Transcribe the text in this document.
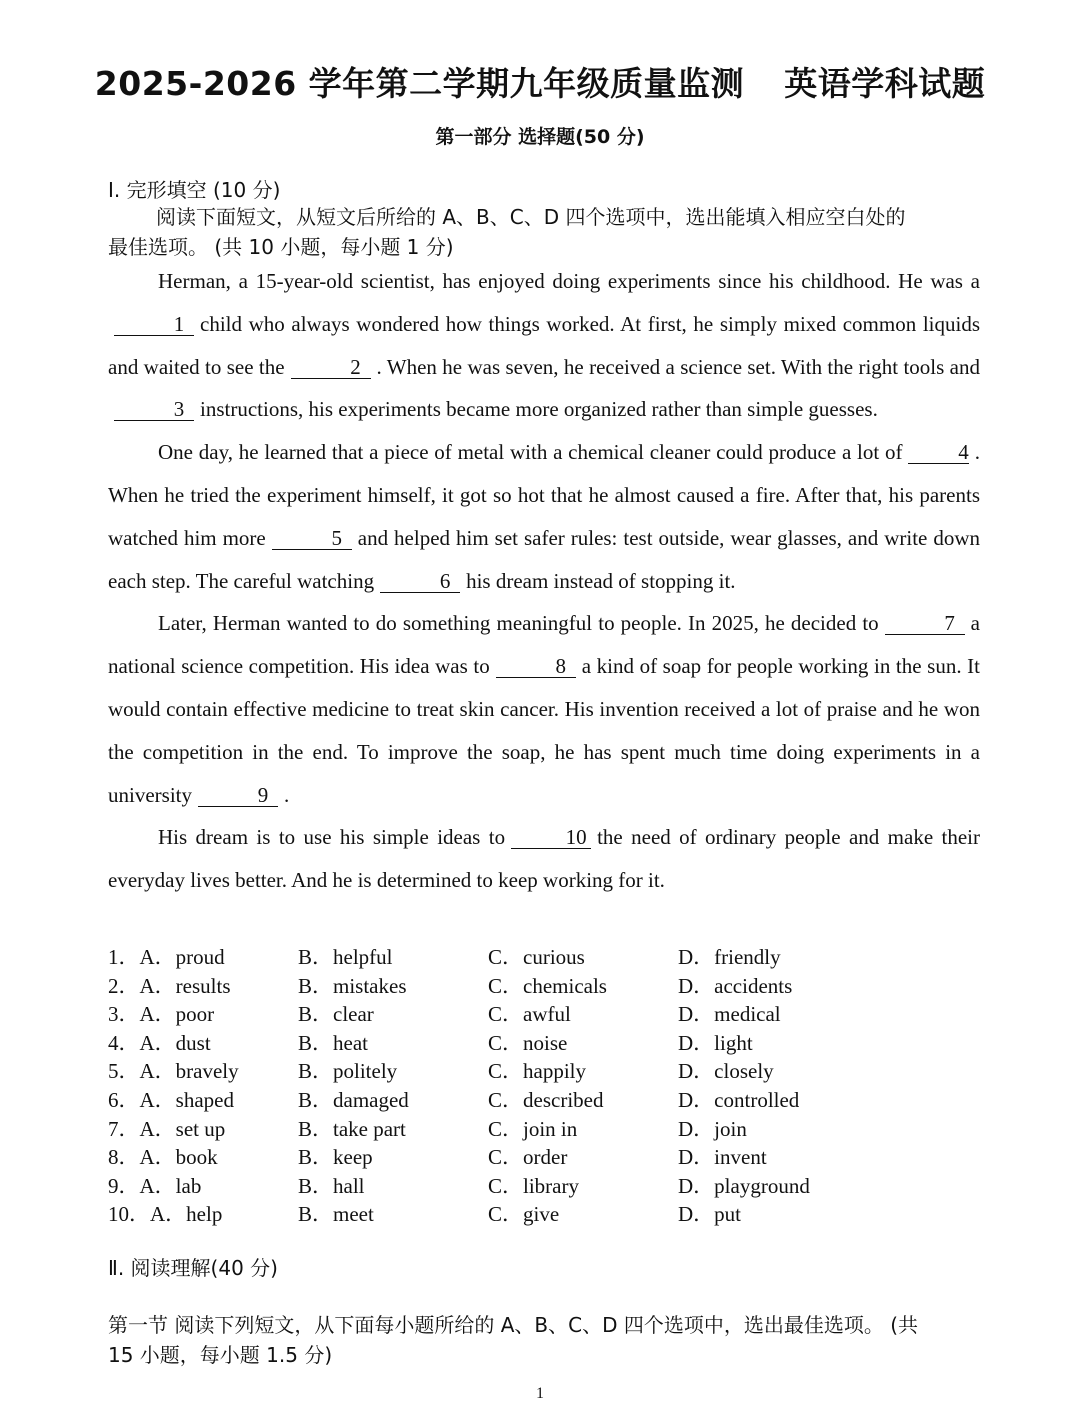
2025-2026 学年第二学期九年级质量监测 英语学科试题
第一部分 选择题(50 分)
I. 完形填空 (10 分)
阅读下面短文，从短文后所给的 A、B、C、D 四个选项中，选出能填入相应空白处的
最佳选项。 (共 10 小题，每小题 1 分)

Herman, a 15-year-old scientist, has enjoyed doing experiments since his childhood. He was a1 child who always wondered how things worked. At first, he simply mixed common liquids and waited to see the	2 . When he was seven, he received a science set. With the right tools and3 instructions, his experiments became more organized rather than simple guesses.

One day, he learned that a piece of metal with a chemical cleaner could produce a lot of	4 . When he tried the experiment himself, it got so hot that he almost caused a fire. After that, his parents watched him more	5 and helped him set safer rules: test outside, wear glasses, and write down each step. The careful watching	6 his dream instead of stopping it.

Later, Herman wanted to do something meaningful to people. In 2025, he decided to	7 a national science competition. His idea was to	8 a kind of soap for people working in the sun. It would contain effective medicine to treat skin cancer. His invention received a lot of praise and he won the competition in the end. To improve the soap, he has spent much time doing experiments in a university	9 .

His dream is to use his simple ideas to	10 the need of ordinary people and make their everyday lives better. And he is determined to keep working for it.

1．A．proud	B．helpful	C．curious	D．friendly
2．A．results	B．mistakes	C．chemicals	D．accidents
3．A．poor	B．clear	C．awful	D．medical
4．A．dust	B．heat	C．noise	D．light
5．A．bravely	B．politely	C．happily	D．closely
6．A．shaped	B．damaged	C．described	D．controlled
7．A．set up	B．take part	C．join in	D．join
8．A．book	B．keep	C．order	D．invent
9．A．lab	B．hall	C．library	D．playground
10．A．help	B．meet	C．give	D．put
Ⅱ. 阅读理解(40 分)
第一节 阅读下列短文，从下面每小题所给的 A、B、C、D 四个选项中，选出最佳选项。 (共
15 小题，每小题 1.5 分)
1
